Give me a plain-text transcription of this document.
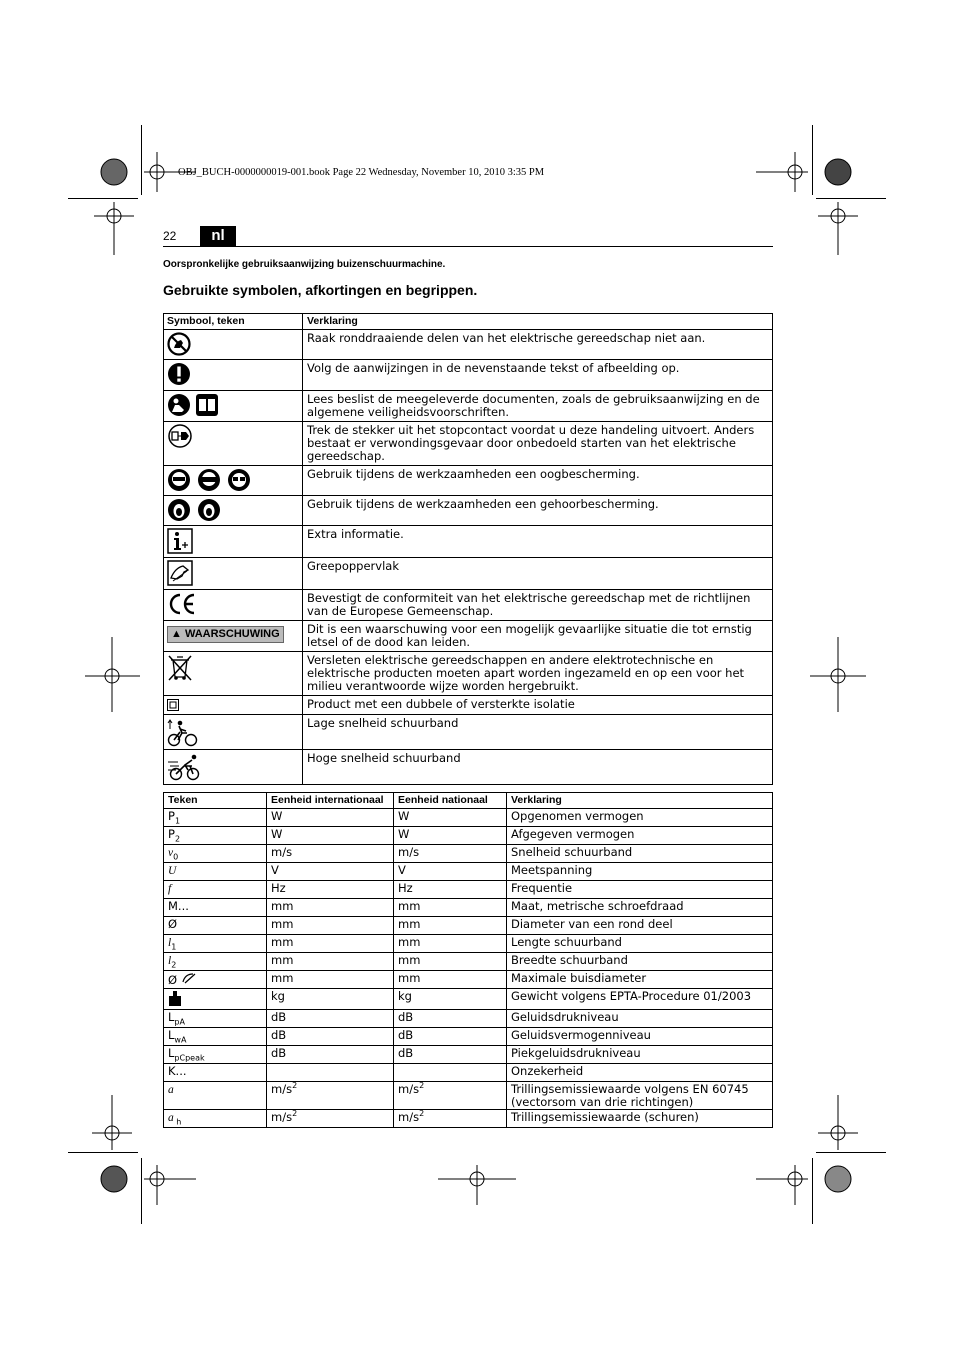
OBJ_BUCH-0000000019-001.book Page 22 Wednesday, November 10, 2010 3:35 PM
22	nl
Oorspronkelijke gebruiksaanwijzing buizenschuurmachine.
Gebruikte symbolen, afkortingen en begrippen.
Symbool, teken	Verklaring
	Raak ronddraaiende delen van het elektrische gereedschap niet aan.
	Volg de aanwijzingen in de nevenstaande tekst of afbeelding op.
	Lees beslist de meegeleverde documenten, zoals de gebruiksaanwijzing en de algemene veiligheidsvoorschriften.
	Trek de stekker uit het stopcontact voordat u deze handeling uitvoert. Anders bestaat er verwondingsgevaar door onbedoeld starten van het elektrische gereedschap.
	Gebruik tijdens de werkzaamheden een oogbescherming.
	Gebruik tijdens de werkzaamheden een gehoorbescherming.
	Extra informatie.
	Greepoppervlak
	Bevestigt de conformiteit van het elektrische gereedschap met de richtlijnen van de Europese Gemeenschap.
▲ WAARSCHUWING	Dit is een waarschuwing voor een mogelijk gevaarlijke situatie die tot ernstig letsel of de dood kan leiden.
	Versleten elektrische gereedschappen en andere elektrotechnische en elektrische producten moeten apart worden ingezameld en op een voor het milieu verantwoorde wijze worden hergebruikt.
	Product met een dubbele of versterkte isolatie
	Lage snelheid schuurband
	Hoge snelheid schuurband
Teken	Eenheid internationaal	Eenheid nationaal	Verklaring
$P_1$	W	W	Opgenomen vermogen
$P_2$	W	W	Afgegeven vermogen
$v_0$	m/s	m/s	Snelheid schuurband
U	V	V	Meetspanning
f	Hz	Hz	Frequentie
M...	mm	mm	Maat, metrische schroefdraad
Ø	mm	mm	Diameter van een rond deel
$l_1$	mm	mm	Lengte schuurband
$l_2$	mm	mm	Breedte schuurband
Ø	mm	mm	Maximale buisdiameter
	kg	kg	Gewicht volgens EPTA-Procedure 01/2003
$L_{pA}$	dB	dB	Geluidsdrukniveau
$L_{wA}$	dB	dB	Geluidsvermogenniveau
$L_{pCpeak}$	dB	dB	Piekgeluidsdrukniveau
K...			Onzekerheid
a	$m/s^2$	$m/s^2$	Trillingsemissiewaarde volgens EN 60745 (vectorsom van drie richtingen)
a $_h$	$m/s^2$	$m/s^2$	Trillingsemissiewaarde (schuren)
